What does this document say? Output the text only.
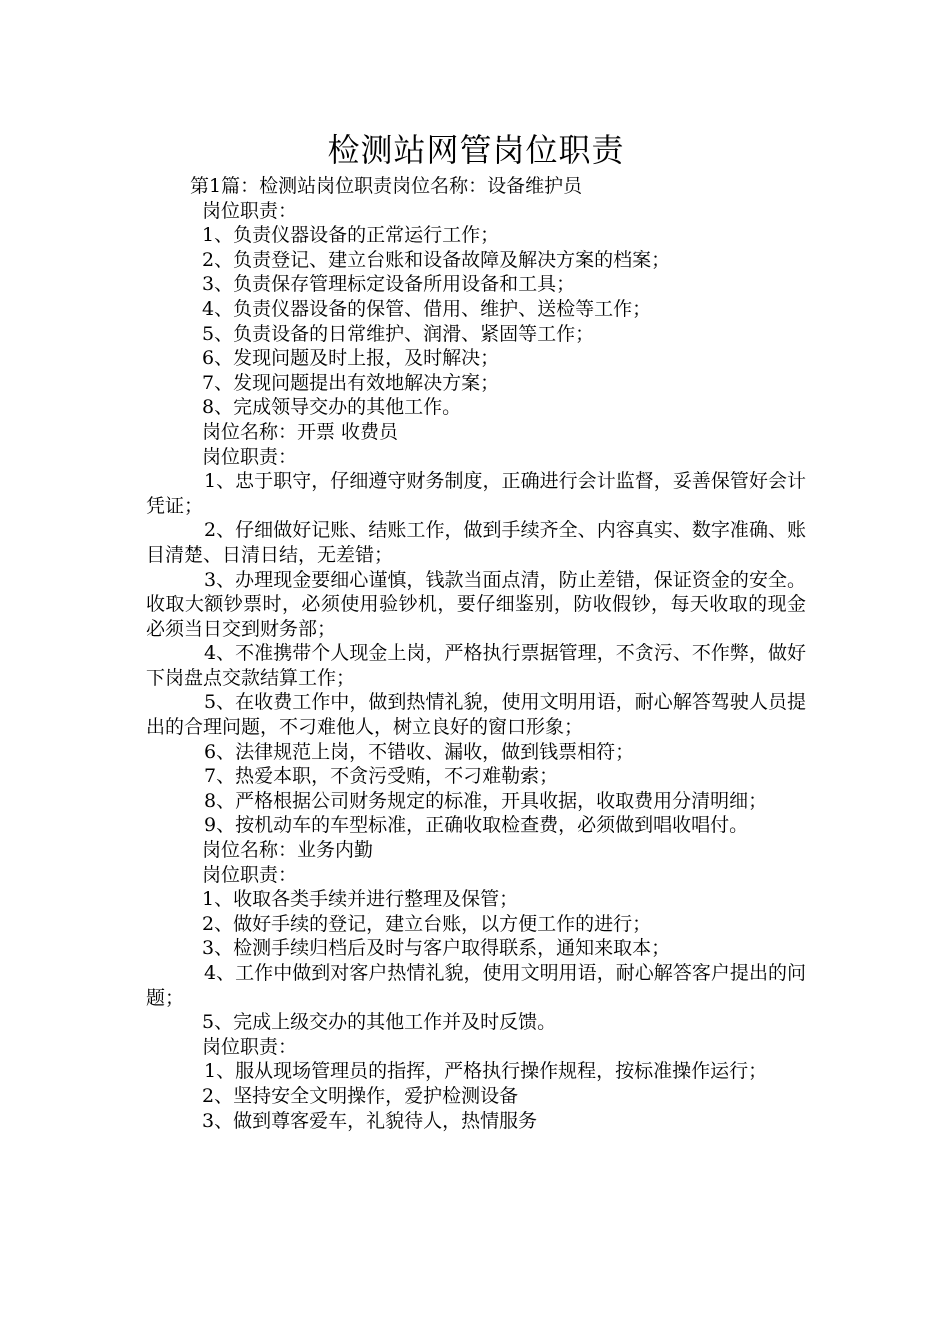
检测站网管岗位职责

第1篇：检测站岗位职责岗位名称：设备维护员

岗位职责：

1、负责仪器设备的正常运行工作；

2、负责登记、建立台账和设备故障及解决方案的档案；

3、负责保存管理标定设备所用设备和工具；

4、负责仪器设备的保管、借用、维护、送检等工作；

5、负责设备的日常维护、润滑、紧固等工作；

6、发现问题及时上报，及时解决；

7、发现问题提出有效地解决方案；

8、完成领导交办的其他工作。

岗位名称：开票 收费员

岗位职责：

1、忠于职守，仔细遵守财务制度，正确进行会计监督，妥善保管好会计凭证；

2、仔细做好记账、结账工作，做到手续齐全、内容真实、数字准确、账目清楚、日清日结，无差错；

3、办理现金要细心谨慎，钱款当面点清，防止差错，保证资金的安全。收取大额钞票时，必须使用验钞机，要仔细鉴别，防收假钞，每天收取的现金必须当日交到财务部；

4、不准携带个人现金上岗，严格执行票据管理，不贪污、不作弊，做好下岗盘点交款结算工作；

5、在收费工作中，做到热情礼貌，使用文明用语，耐心解答驾驶人员提出的合理问题，不刁难他人，树立良好的窗口形象；

6、法律规范上岗，不错收、漏收，做到钱票相符；

7、热爱本职，不贪污受贿，不刁难勒索；

8、严格根据公司财务规定的标准，开具收据，收取费用分清明细；

9、按机动车的车型标准，正确收取检查费，必须做到唱收唱付。

岗位名称：业务内勤

岗位职责：

1、收取各类手续并进行整理及保管；

2、做好手续的登记，建立台账，以方便工作的进行；

3、检测手续归档后及时与客户取得联系，通知来取本；

4、工作中做到对客户热情礼貌，使用文明用语，耐心解答客户提出的问题；

5、完成上级交办的其他工作并及时反馈。

岗位职责：

1、服从现场管理员的指挥，严格执行操作规程，按标准操作运行；

2、坚持安全文明操作，爱护检测设备

3、做到尊客爱车，礼貌待人，热情服务
